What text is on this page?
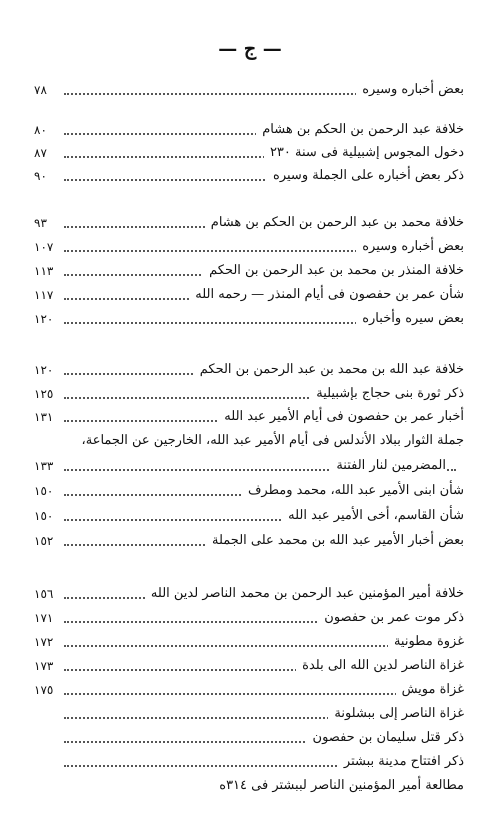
— ج —
بعض أخباره وسيره
٧٨
خلافة عبد الرحمن بن الحكم بن هشام
٨٠
دخول المجوس إشبيلية فى سنة ٢٣٠
٨٧
ذكر بعض أخباره على الجملة وسيره
٩٠
خلافة محمد بن عبد الرحمن بن الحكم بن هشام
٩٣
بعض أخباره وسيره
١٠٧
خلافة المنذر بن محمد بن عبد الرحمن بن الحكم
١١٣
شأن عمر بن حفصون فى أيام المنذر — رحمه الله
١١٧
بعض سيره وأخباره
١٢٠
خلافة عبد الله بن محمد بن عبد الرحمن بن الحكم
١٢٠
ذكر ثورة بنى حجاج بإشبيلية
١٢٥
أخبار عمر بن حفصون فى أيام الأمير عبد الله
١٣١
جملة الثوار ببلاد الأندلس فى أيام الأمير عبد الله، الخارجين عن الجماعة،
المضرمين لنار الفتنة
١٣٣
شأن ابنى الأمير عبد الله، محمد ومطرف
١٥٠
شأن القاسم، أخى الأمير عبد الله
١٥٠
بعض أخبار الأمير عبد الله بن محمد على الجملة
١٥٢
خلافة أمير المؤمنين عبد الرحمن بن محمد الناصر لدين الله
١٥٦
ذكر موت عمر بن حفصون
١٧١
غزوة مطونية
١٧٢
غزاة الناصر لدين الله الى بلدة
١٧٣
غزاة مويش
١٧٥
غزاة الناصر إلى ببشلونة
ذكر قتل سليمان بن حفصون
ذكر افتتاح مدينة ببشتر
مطالعة أمير المؤمنين الناصر لببشتر فى ٣١٤ه
